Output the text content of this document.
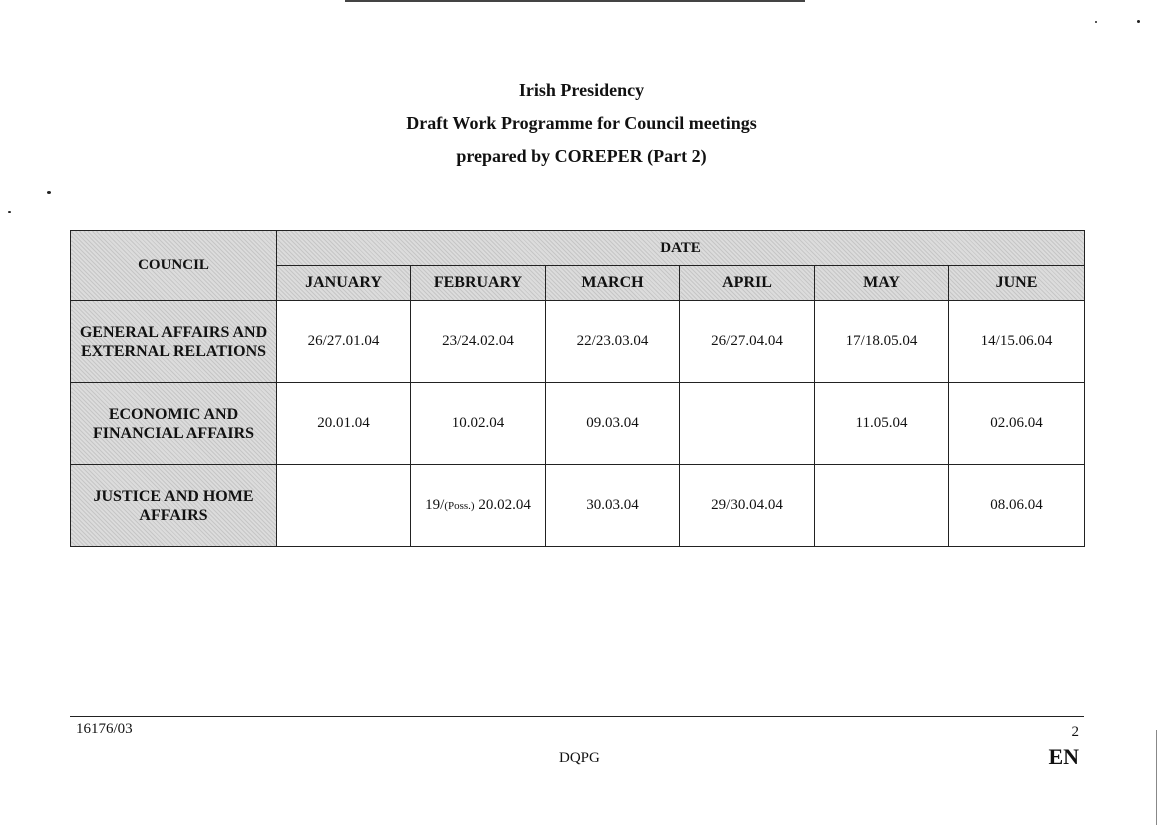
Irish Presidency
Draft Work Programme for Council meetings
prepared by COREPER (Part 2)
COUNCIL	DATE					
	JANUARY	FEBRUARY	MARCH	APRIL	MAY	JUNE

GENERAL AFFAIRS AND
EXTERNAL RELATIONS	26/27.01.04	23/24.02.04	22/23.03.04	26/27.04.04	17/18.05.04	14/15.06.04

ECONOMIC AND
FINANCIAL AFFAIRS	20.01.04	10.02.04	09.03.04		11.05.04	02.06.04

JUSTICE AND HOME
AFFAIRS		19/(Poss.) 20.02.04	30.03.04	29/30.04.04		08.06.04
16176/03	2
DQPG	EN
